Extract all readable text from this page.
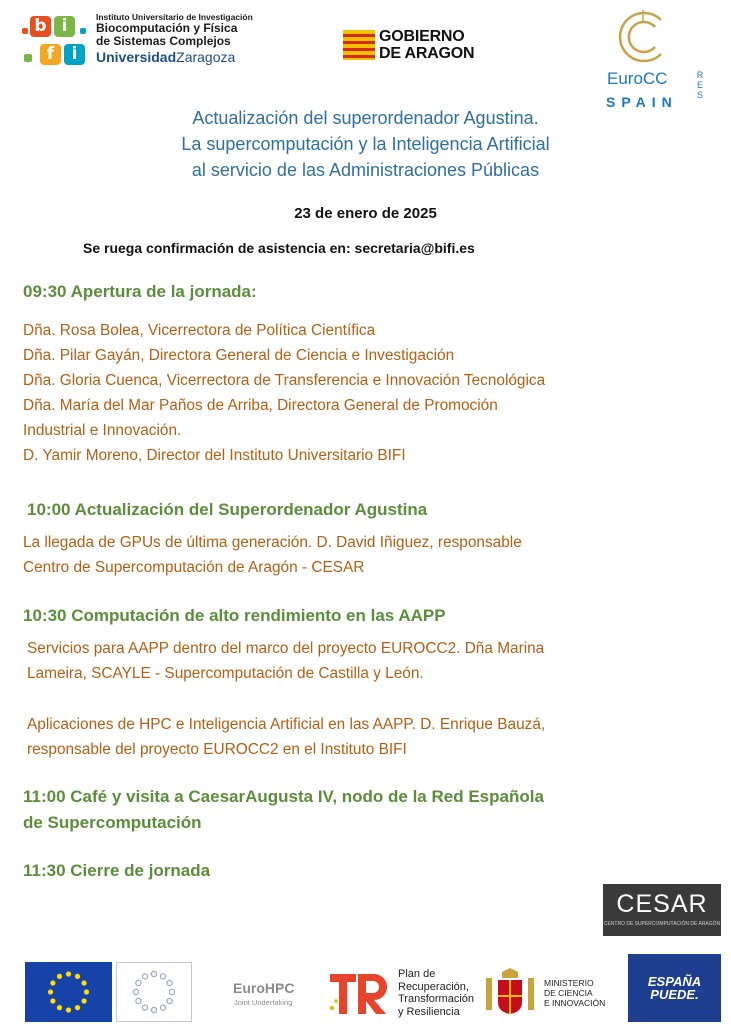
b i
f	i
Instituto Universitario de Investigación
Biocomputación y Física
de Sistemas Complejos
UniversidadZaragoza
GOBIERNO
DE ARAGON
EuroCC
SPAIN
R
E
S
Actualización del superordenador Agustina.
La supercomputación y la Inteligencia Artificial
al servicio de las Administraciones Públicas
23 de enero de 2025
Se ruega confirmación de asistencia en: secretaria@bifi.es
09:30 Apertura de la jornada:
Dña. Rosa Bolea, Vicerrectora de Política Científica
Dña. Pilar Gayán, Directora General de Ciencia e Investigación
Dña. Gloria Cuenca, Vicerrectora de Transferencia e Innovación Tecnológica
Dña. María del Mar Paños de Arriba, Directora General de Promoción
Industrial e Innovación.
D. Yamir Moreno, Director del Instituto Universitario BIFI
10:00 Actualización del Superordenador Agustina
La llegada de GPUs de última generación. D. David Iñiguez, responsable
Centro de Supercomputación de Aragón - CESAR
10:30 Computación de alto rendimiento en las AAPP
Servicios para AAPP dentro del marco del proyecto EUROCC2. Dña Marina
Lameira, SCAYLE - Supercomputación de Castilla y León.
Aplicaciones de HPC e Inteligencia Artificial en las AAPP. D. Enrique Bauzá,
responsable del proyecto EUROCC2 en el Instituto BIFI
11:00 Café y visita a CaesarAugusta IV, nodo de la Red Española
de Supercomputación
11:30 Cierre de jornada
CESAR
CENTRO DE SUPERCOMPUTACIÓN DE ARAGÓN
EuroHPC
Joint Undertaking
Plan de
Recuperación,
Transformación
y Resiliencia
MINISTERIO
DE CIENCIA
E INNOVACIÓN
ESPAÑA
PUEDE.
